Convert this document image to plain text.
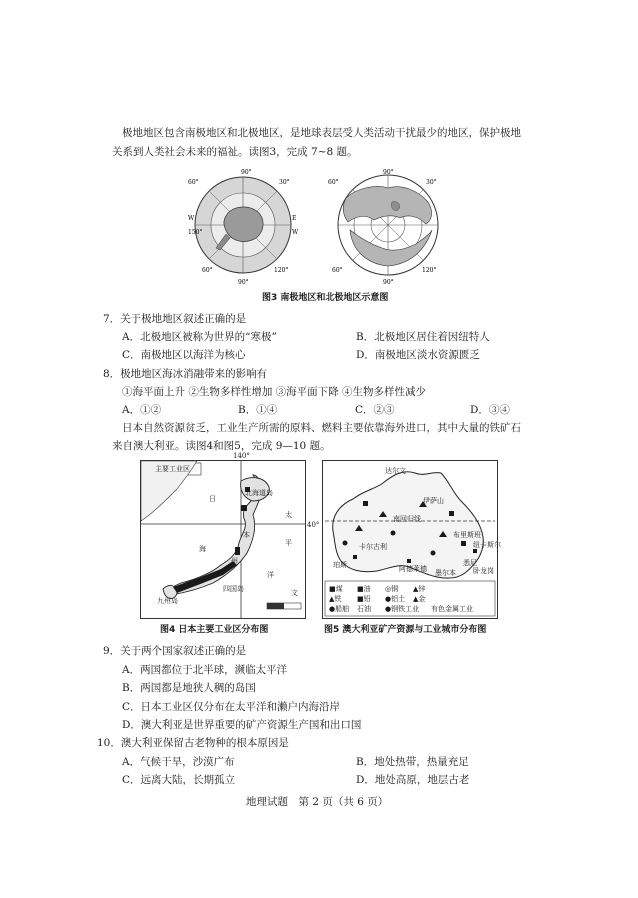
极地地区包含南极地区和北极地区，是地球表层受人类活动干扰最少的地区，保护极地
关系到人类社会未来的福祉。读图3，完成 7~8 题。
90°
30°
60°
E
W
W
150°
60°	120°
90°
90°
30°
60°
60°	120°
90°
图3 南极地区和北极地区示意图
7．关于极地地区叙述正确的是
A．北极地区被称为世界的“寒极”	B．北极地区居住着因纽特人
C．南极地区以海洋为核心	D．南极地区淡水资源匮乏
8．极地地区海冰消融带来的影响有
①海平面上升 ②生物多样性增加 ③海平面下降 ④生物多样性减少
A．①②	B．①④	C．②③	D．③④
日本自然资源贫乏，工业生产所需的原料、燃料主要依靠海外进口，其中大量的铁矿石
来自澳大利亚。读图4和图5，完成 9—10 题。
主要工业区
140°
40°
日
北海道岛
本
太
海
平
洋
州
九州岛
四国岛	文
图4 日本主要工业区分布图
达尔文
南回归线
布里斯班
悉尼
墨尔本
珀斯	阿德莱德
卡尔古利
伊萨山
纽卡斯尔
卧龙岗
■煤 ■油 ◎铜 ▲锌
▲铁 ■铅 ●铝土 ▲金
●船舶 石油 ●钢铁工业 有色金属工业
图5 澳大利亚矿产资源与工业城市分布图
9．关于两个国家叙述正确的是
A．两国都位于北半球，濒临太平洋
B．两国都是地狭人稠的岛国
C．日本工业区仅分布在太平洋和濑户内海沿岸
D．澳大利亚是世界重要的矿产资源生产国和出口国
10．澳大利亚保留古老物种的根本原因是
A．气候干旱，沙漠广布	B．地处热带，热量充足
C．远离大陆，长期孤立	D．地处高原，地层古老
地理试题　第 2 页（共 6 页）
